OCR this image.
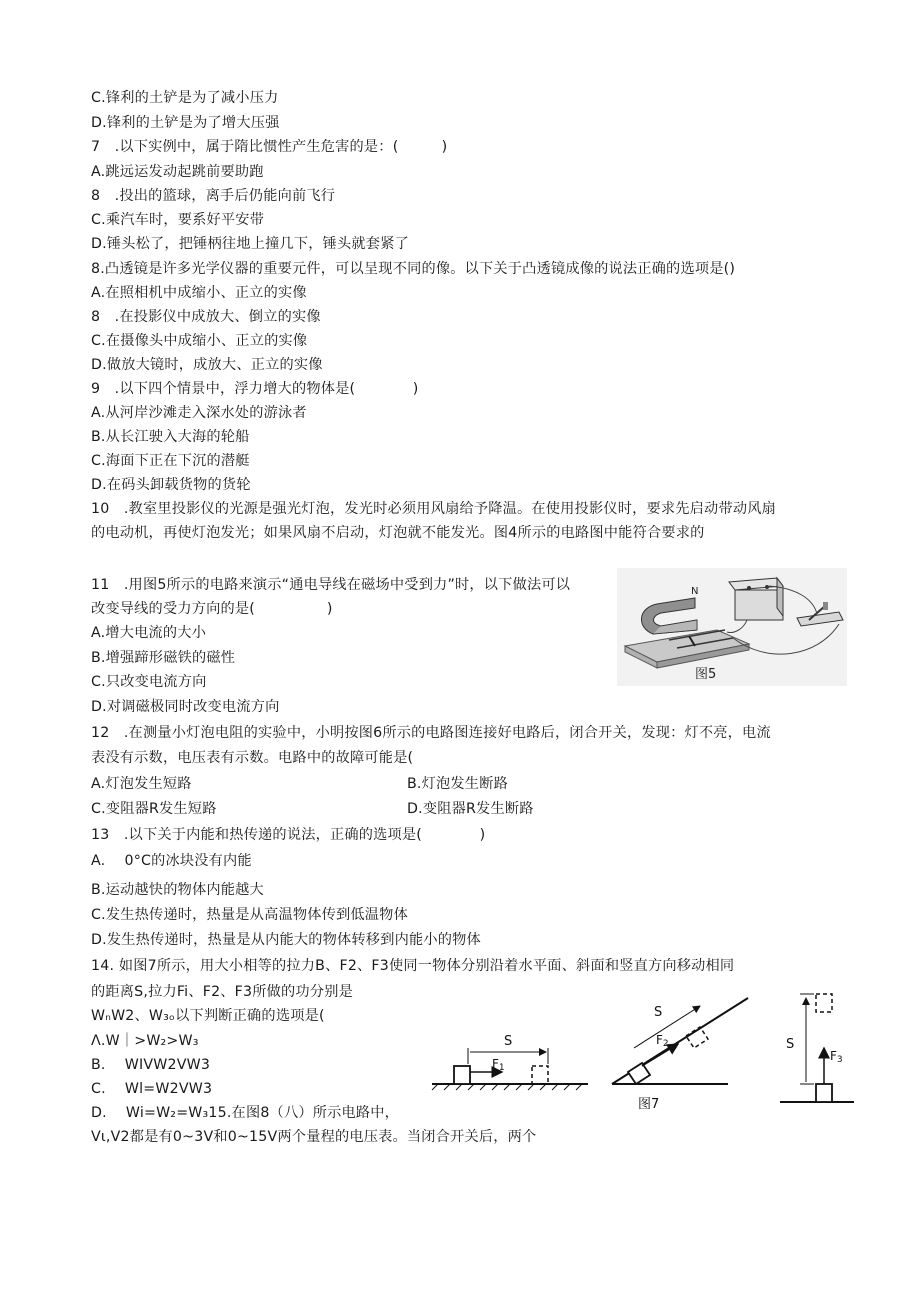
C.锋利的土铲是为了减小压力
D.锋利的土铲是为了增大压强
7　.以下实例中，属于隋比惯性产生危害的是：(　　　)
A.跳远运发动起跳前要助跑
8　.投出的篮球，离手后仍能向前飞行
C.乘汽车时，要系好平安带
D.锤头松了，把锤柄往地上撞几下，锤头就套紧了
8.凸透镜是许多光学仪器的重要元件，可以呈现不同的像。以下关于凸透镜成像的说法正确的选项是()
A.在照相机中成缩小、正立的实像
8　.在投影仪中成放大、倒立的实像
C.在摄像头中成缩小、正立的实像
D.做放大镜时，成放大、正立的实像
9　.以下四个情景中，浮力增大的物体是(　　　　)
A.从河岸沙滩走入深水处的游泳者
B.从长江驶入大海的轮船
C.海面下正在下沉的潜艇
D.在码头卸载货物的货轮
10　.教室里投影仪的光源是强光灯泡，发光时必须用风扇给予降温。在使用投影仪时，要求先启动带动风扇
的电动机，再使灯泡发光；如果风扇不启动，灯泡就不能发光。图4所示的电路图中能符合要求的
11　.用图5所示的电路来演示“通电导线在磁场中受到力”时，以下做法可以
改变导线的受力方向的是(　　　　　)
A.增大电流的大小
B.增强蹄形磁铁的磁性
C.只改变电流方向
D.对调磁极同时改变电流方向
12　.在测量小灯泡电阻的实验中，小明按图6所示的电路图连接好电路后，闭合开关，发现：灯不亮，电流
表没有示数，电压表有示数。电路中的故障可能是(
A.灯泡发生短路	B.灯泡发生断路
C.变阻器R发生短路	D.变阻器R发生断路
13　.以下关于内能和热传递的说法，正确的选项是(　　　　)
A.　 0°C的冰块没有内能
B.运动越快的物体内能越大
C.发生热传递时，热量是从高温物体传到低温物体
D.发生热传递时，热量是从内能大的物体转移到内能小的物体
14. 如图7所示，用大小相等的拉力B、F2、F3使同一物体分别沿着水平面、斜面和竖直方向移动相同
的距离S,拉力Fi、F2、F3所做的功分别是
WₙW2、W₃ₒ以下判断正确的选项是(
Λ.W｜>W₂>W₃
B.　 WIVW2VW3
C.　 Wl=W2VW3
D.　 Wi=W₂=W₃15.在图8（八）所示电路中，
Vι,V2都是有0~3V和0~15V两个量程的电压表。当闭合开关后，两个
N
图5
S
F1
S
F2
图7
S
F3
